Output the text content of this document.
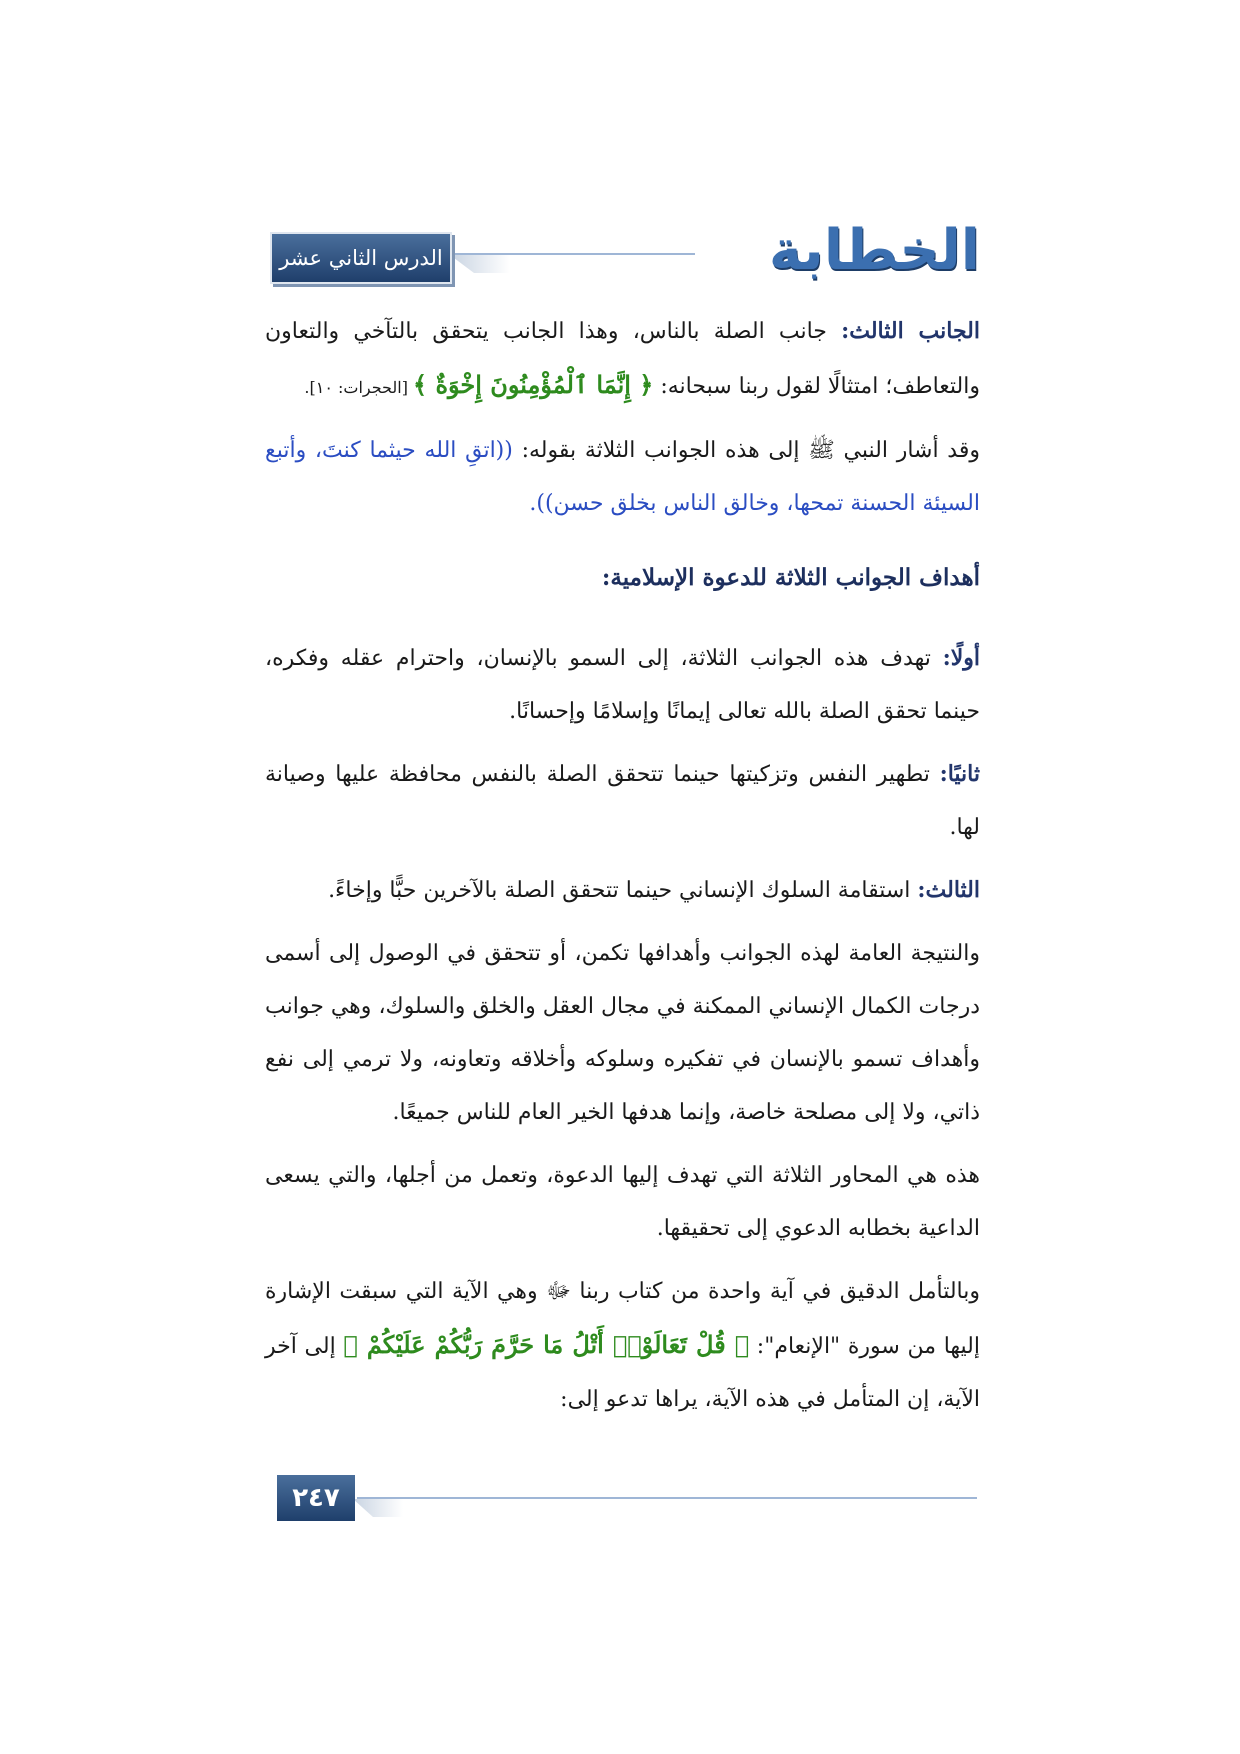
الخطابة
الدرس الثاني عشر

الجانب الثالث: جانب الصلة بالناس، وهذا الجانب يتحقق بالتآخي والتعاون والتعاطف؛ امتثالًا لقول ربنا سبحانه: ﴿ إِنَّمَا ٱلْمُؤْمِنُونَ إِخْوَةٌ ﴾ [الحجرات: ١٠].

وقد أشار النبي ﷺ إلى هذه الجوانب الثلاثة بقوله: ((اتقِ الله حيثما كنتَ، وأتبع السيئة الحسنة تمحها، وخالق الناس بخلق حسن)).

أهداف الجوانب الثلاثة للدعوة الإسلامية:

أولًا: تهدف هذه الجوانب الثلاثة، إلى السمو بالإنسان، واحترام عقله وفكره، حينما تحقق الصلة بالله تعالى إيمانًا وإسلامًا وإحسانًا.

ثانيًا: تطهير النفس وتزكيتها حينما تتحقق الصلة بالنفس محافظة عليها وصيانة لها.

الثالث: استقامة السلوك الإنساني حينما تتحقق الصلة بالآخرين حبًّا وإخاءً.

والنتيجة العامة لهذه الجوانب وأهدافها تكمن، أو تتحقق في الوصول إلى أسمى درجات الكمال الإنساني الممكنة في مجال العقل والخلق والسلوك، وهي جوانب وأهداف تسمو بالإنسان في تفكيره وسلوكه وأخلاقه وتعاونه، ولا ترمي إلى نفع ذاتي، ولا إلى مصلحة خاصة، وإنما هدفها الخير العام للناس جميعًا.

هذه هي المحاور الثلاثة التي تهدف إليها الدعوة، وتعمل من أجلها، والتي يسعى الداعية بخطابه الدعوي إلى تحقيقها.

وبالتأمل الدقيق في آية واحدة من كتاب ربنا ﷻ وهي الآية التي سبقت الإشارة إليها من سورة "الإنعام": ﴿ قُلْ تَعَالَوْا۟ أَتْلُ مَا حَرَّمَ رَبُّكُمْ عَلَيْكُمْ ﴾ إلى آخر الآية، إن المتأمل في هذه الآية، يراها تدعو إلى:

٢٤٧
